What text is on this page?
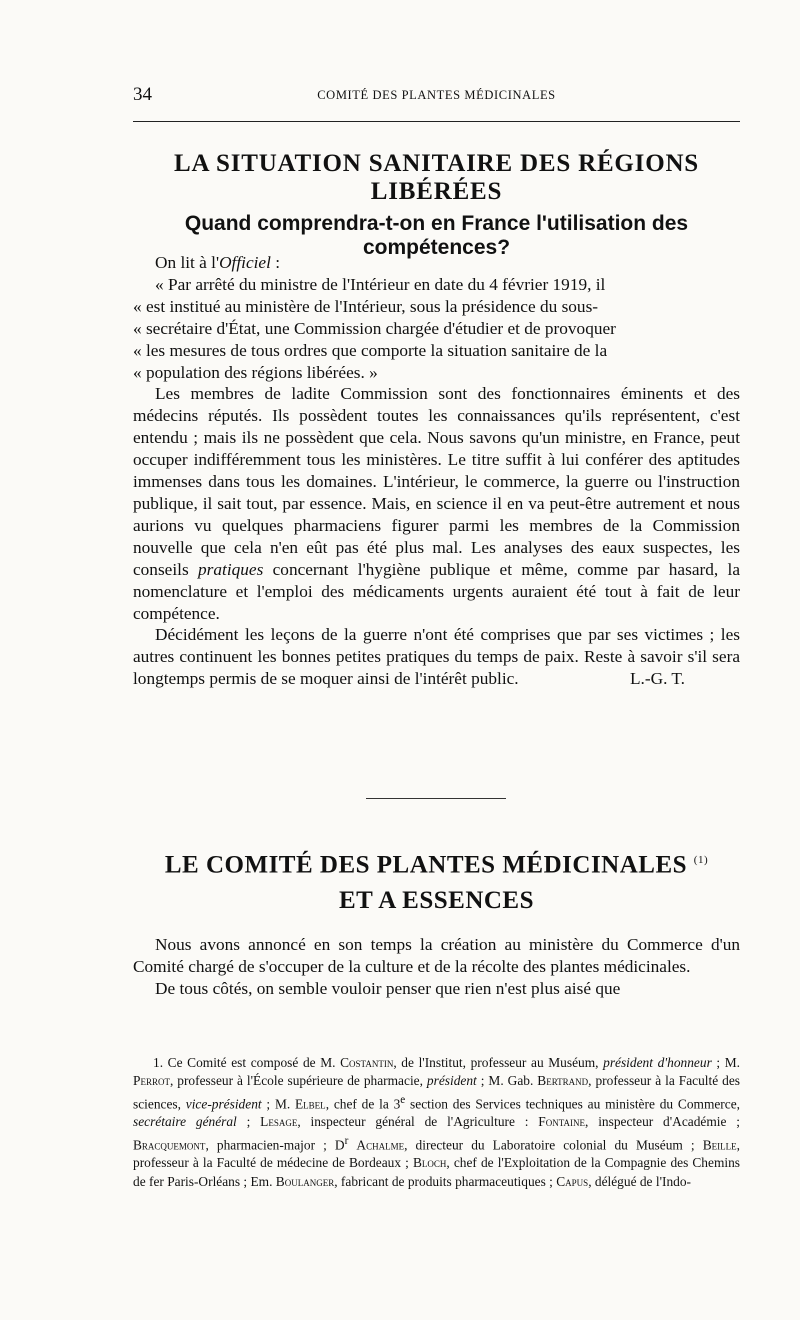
34	COMITÉ DES PLANTES MÉDICINALES
LA SITUATION SANITAIRE DES RÉGIONS LIBÉRÉES
Quand comprendra-t-on en France l'utilisation des compétences?

On lit à l'Officiel :

« Par arrêté du ministre de l'Intérieur en date du 4 février 1919, il

« est institué au ministère de l'Intérieur, sous la présidence du sous-

« secrétaire d'État, une Commission chargée d'étudier et de provoquer

« les mesures de tous ordres que comporte la situation sanitaire de la

« population des régions libérées. »

Les membres de ladite Commission sont des fonctionnaires éminents et des médecins réputés. Ils possèdent toutes les connaissances qu'ils représentent, c'est entendu ; mais ils ne possèdent que cela. Nous savons qu'un ministre, en France, peut occuper indifféremment tous les ministères. Le titre suffit à lui conférer des aptitudes immenses dans tous les domaines. L'intérieur, le commerce, la guerre ou l'instruction publique, il sait tout, par essence. Mais, en science il en va peut-être autrement et nous aurions vu quelques pharmaciens figurer parmi les membres de la Commission nouvelle que cela n'en eût pas été plus mal. Les analyses des eaux suspectes, les conseils pratiques concernant l'hygiène publique et même, comme par hasard, la nomenclature et l'emploi des médicaments urgents auraient été tout à fait de leur compétence.

Décidément les leçons de la guerre n'ont été comprises que par ses victimes ; les autres continuent les bonnes petites pratiques du temps de paix. Reste à savoir s'il sera longtemps permis de se moquer ainsi de l'intérêt public.	L.-G. T.

LE COMITÉ DES PLANTES MÉDICINALES $^{(1)}$
ET A ESSENCES

Nous avons annoncé en son temps la création au ministère du Commerce d'un Comité chargé de s'occuper de la culture et de la récolte des plantes médicinales.

De tous côtés, on semble vouloir penser que rien n'est plus aisé que

1. Ce Comité est composé de M. Costantin, de l'Institut, professeur au Muséum, président d'honneur ; M. Perrot, professeur à l'École supérieure de pharmacie, président ; M. Gab. Bertrand, professeur à la Faculté des sciences, vice-président ; M. Elbel, chef de la 3e section des Services techniques au ministère du Commerce, secrétaire général ; Lesage, inspecteur général de l'Agriculture : Fontaine, inspecteur d'Académie ; Bracquemont, pharmacien-major ; $D^r$ Achalme, directeur du Laboratoire colonial du Muséum ; Beille, professeur à la Faculté de médecine de Bordeaux ; Bloch, chef de l'Exploitation de la Compagnie des Chemins de fer Paris-Orléans ; Em. Boulanger, fabricant de produits pharmaceutiques ; Capus, délégué de l'Indo-
